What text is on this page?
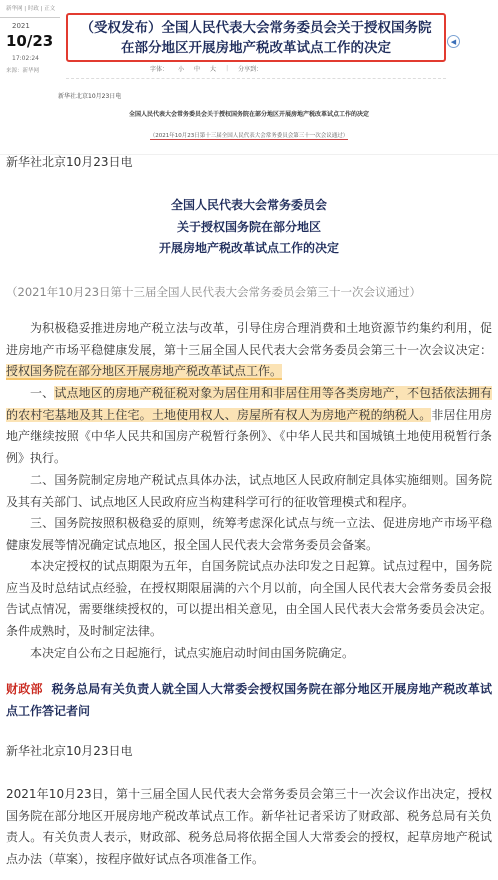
新华网 | 时政 | 正文
2021
10/23
17:02:24
来源：新华网
（受权发布）全国人民代表大会常务委员会关于授权国务院在部分地区开展房地产税改革试点工作的决定
字体： 小 中 大 | 分享到：
◀
新华社北京10月23日电
全国人民代表大会常务委员会关于授权国务院在部分地区开展房地产税改革试点工作的决定
（2021年10月23日第十三届全国人民代表大会常务委员会第三十一次会议通过）
新华社北京10月23日电
全国人民代表大会常务委员会
关于授权国务院在部分地区
开展房地产税改革试点工作的决定
（2021年10月23日第十三届全国人民代表大会常务委员会第三十一次会议通过）
为积极稳妥推进房地产税立法与改革，引导住房合理消费和土地资源节约集约利用，促进房地产市场平稳健康发展，第十三届全国人民代表大会常务委员会第三十一次会议决定：授权国务院在部分地区开展房地产税改革试点工作。
一、试点地区的房地产税征税对象为居住用和非居住用等各类房地产，不包括依法拥有的农村宅基地及其上住宅。土地使用权人、房屋所有权人为房地产税的纳税人。非居住用房地产继续按照《中华人民共和国房产税暂行条例》、《中华人民共和国城镇土地使用税暂行条例》执行。
二、国务院制定房地产税试点具体办法，试点地区人民政府制定具体实施细则。国务院及其有关部门、试点地区人民政府应当构建科学可行的征收管理模式和程序。
三、国务院按照积极稳妥的原则，统筹考虑深化试点与统一立法、促进房地产市场平稳健康发展等情况确定试点地区，报全国人民代表大会常务委员会备案。
本决定授权的试点期限为五年，自国务院试点办法印发之日起算。试点过程中，国务院应当及时总结试点经验，在授权期限届满的六个月以前，向全国人民代表大会常务委员会报告试点情况，需要继续授权的，可以提出相关意见，由全国人民代表大会常务委员会决定。条件成熟时，及时制定法律。
本决定自公布之日起施行，试点实施启动时间由国务院确定。
财政部 税务总局有关负责人就全国人大常委会授权国务院在部分地区开展房地产税改革试点工作答记者问
新华社北京10月23日电
2021年10月23日，第十三届全国人民代表大会常务委员会第三十一次会议作出决定，授权国务院在部分地区开展房地产税改革试点工作。新华社记者采访了财政部、税务总局有关负责人。有关负责人表示，财政部、税务总局将依据全国人大常委会的授权，起草房地产税试点办法（草案），按程序做好试点各项准备工作。
